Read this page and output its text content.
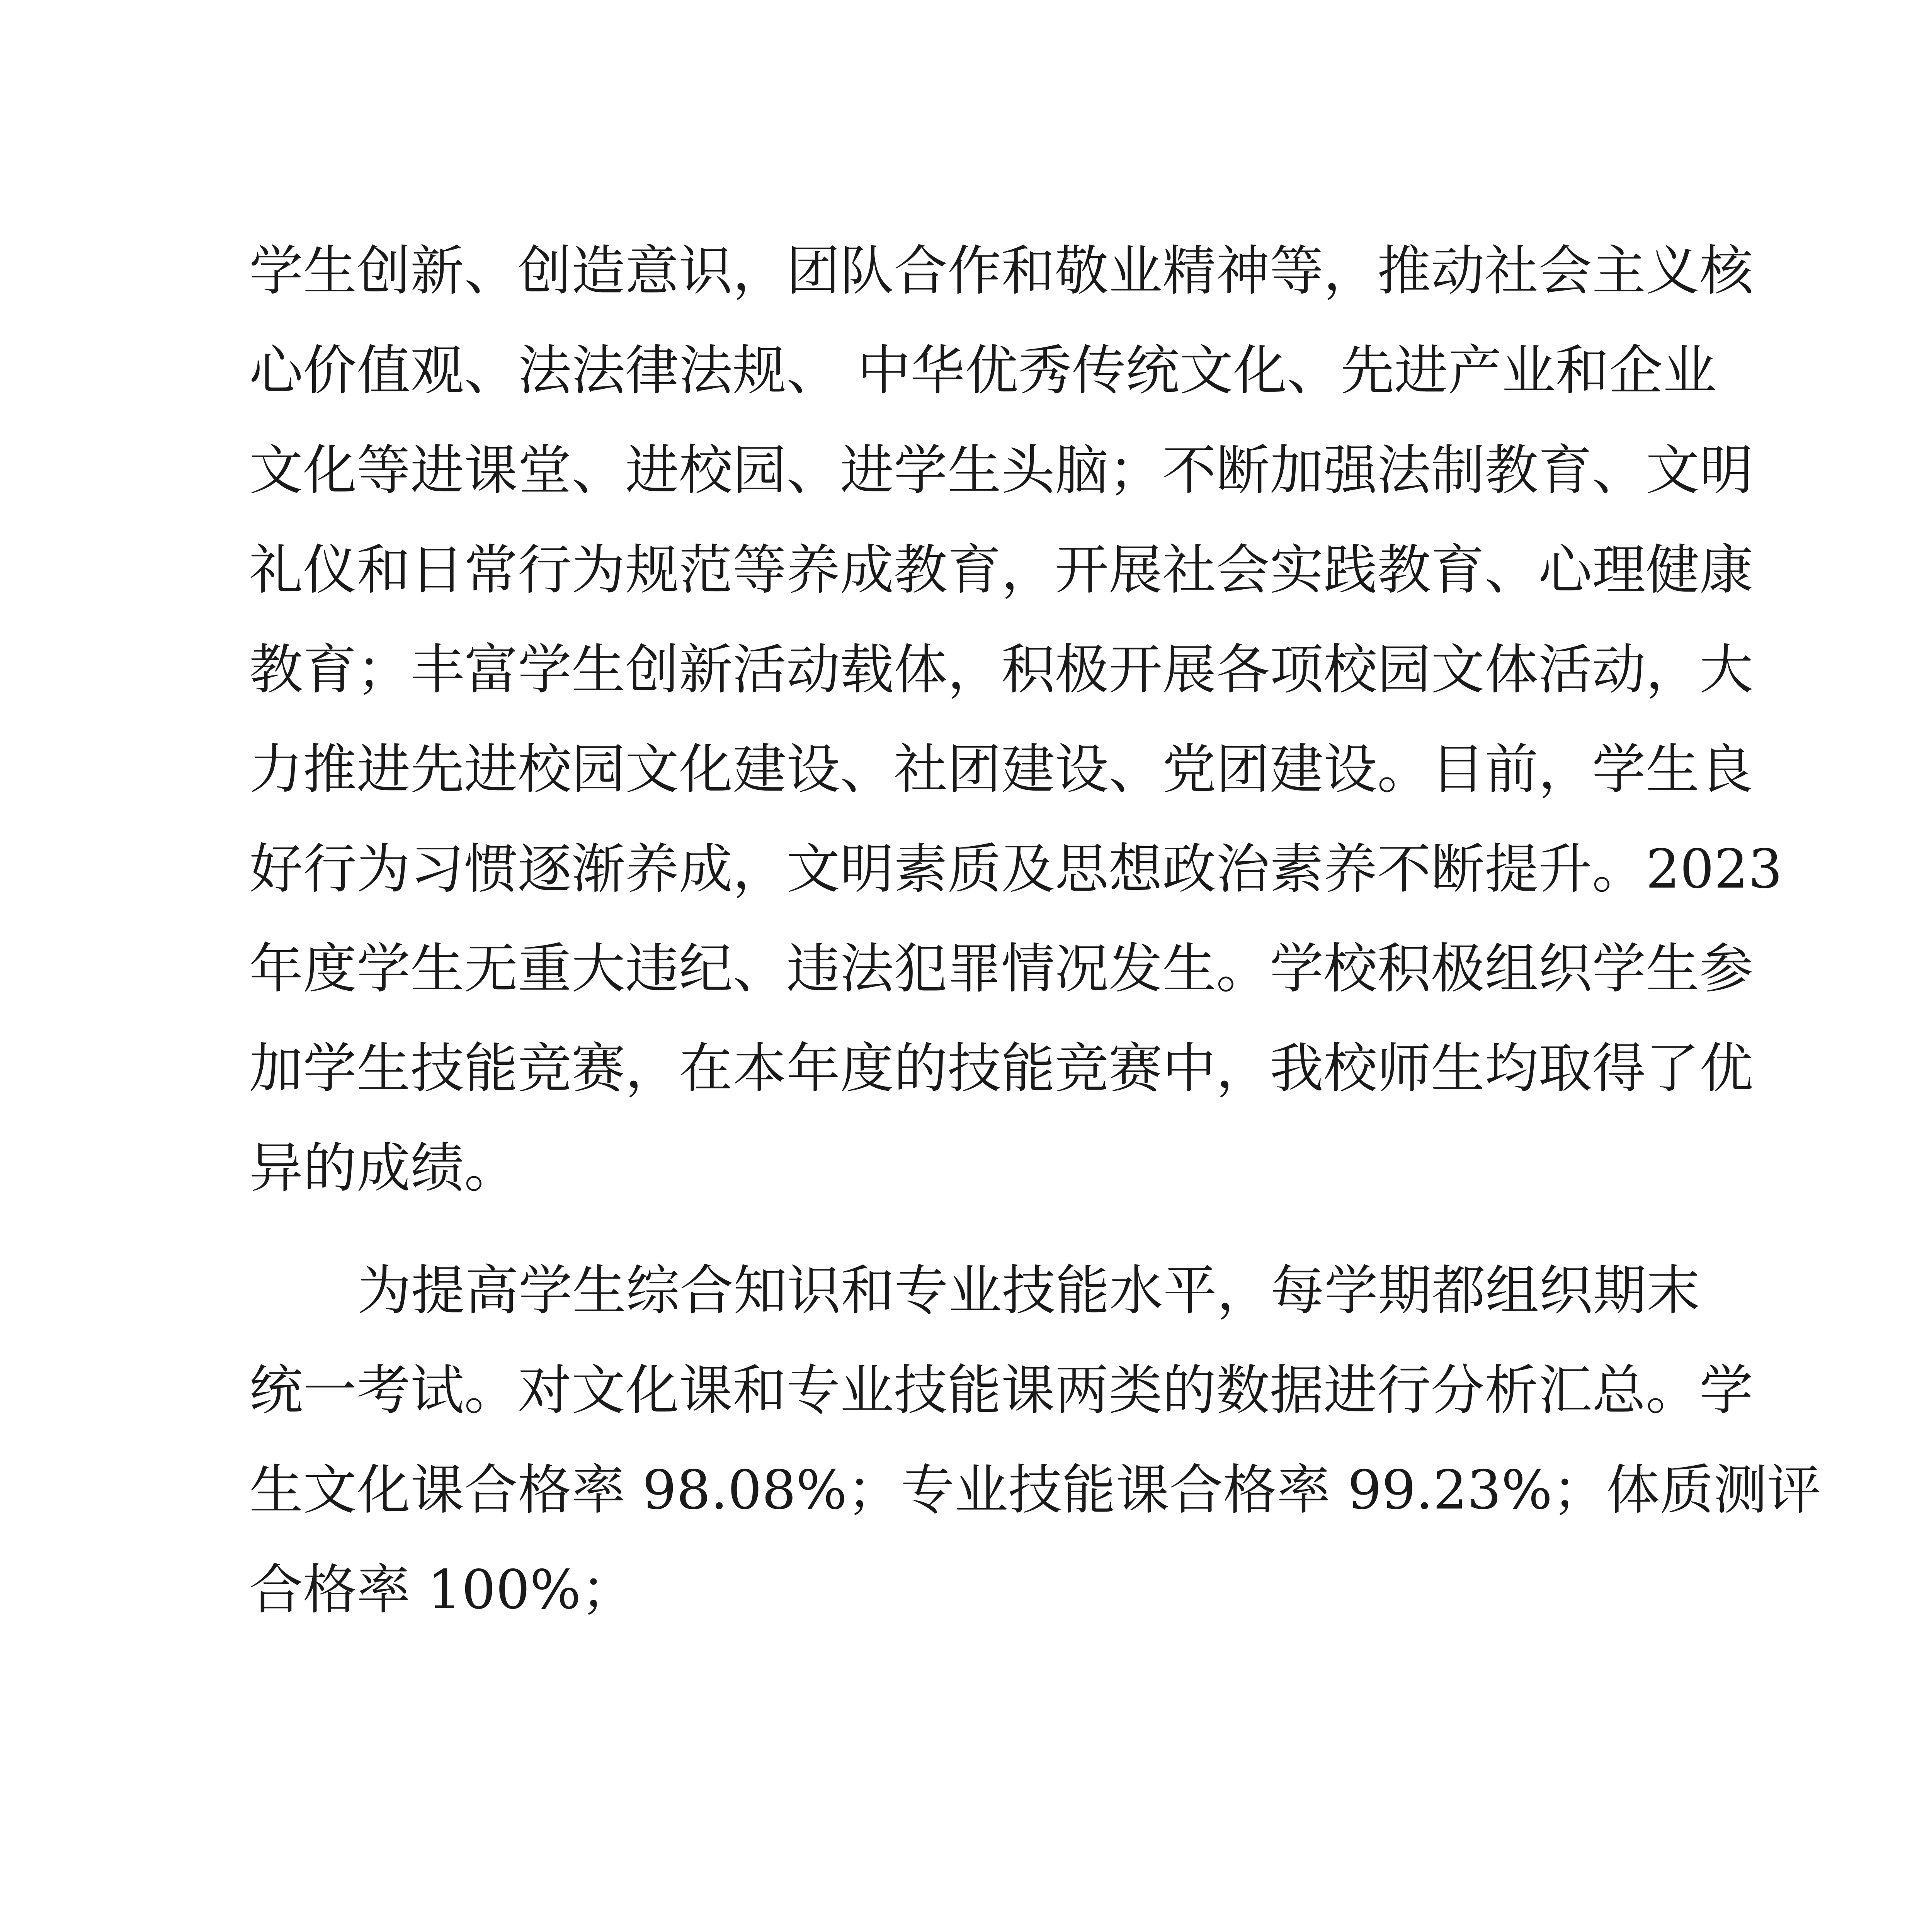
学生创新、创造意识，团队合作和敬业精神等，推动社会主义核
心价值观、法法律法规、 中华优秀传统文化、先进产业和企业
文化等进课堂、进校园、进学生头脑；不断加强法制教育、文明
礼仪和日常行为规范等养成教育，开展社会实践教育、心理健康
教育；丰富学生创新活动载体，积极开展各项校园文体活动，大
力推进先进校园文化建设、社团建设、党团建设。目前，学生良
好行为习惯逐渐养成，文明素质及思想政治素养不断提升。2023
年度学生无重大违纪、违法犯罪情况发生。学校积极组织学生参
加学生技能竞赛，在本年度的技能竞赛中，我校师生均取得了优
异的成绩。
为提高学生综合知识和专业技能水平，每学期都组织期末
统一考试。对文化课和专业技能课两类的数据进行分析汇总。学
生文化课合格率 98.08%；专业技能课合格率 99.23%；体质测评
合格率 100%；
